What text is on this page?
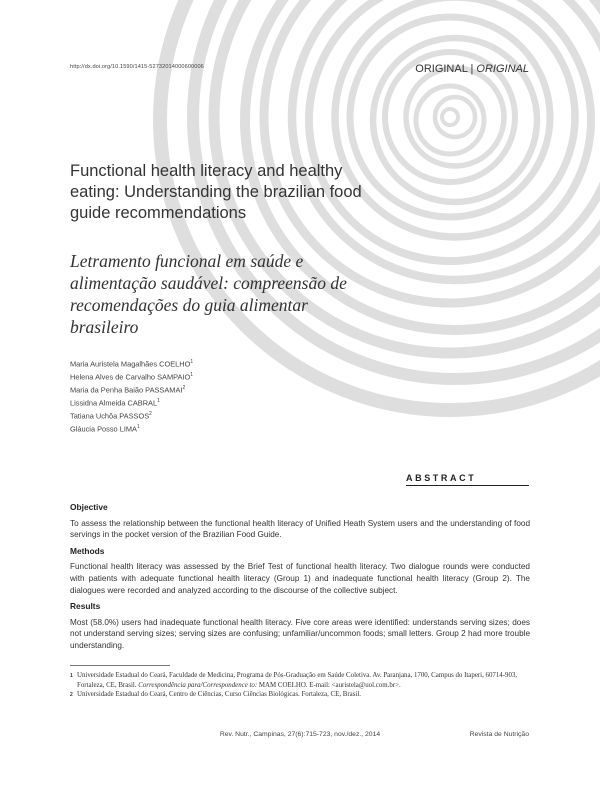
http://dx.doi.org/10.1590/1415-52732014000600006	ORIGINAL | ORIGINAL
Functional health literacy and healthy eating: Understanding the brazilian food guide recommendations
Letramento funcional em saúde e alimentação saudável: compreensão de recomendações do guia alimentar brasileiro
Maria Auristela Magalhães COELHO$^1$
Helena Alves de Carvalho SAMPAIO$^1$
Maria da Penha Baião PASSAMAI$^2$
Lissidna Almeida CABRAL$^1$
Tatiana Uchôa PASSOS$^2$
Gláucia Posso LIMA$^1$
ABSTRACT
Objective
To assess the relationship between the functional health literacy of Unified Heath System users and the understanding of food servings in the pocket version of the Brazilian Food Guide.
Methods
Functional health literacy was assessed by the Brief Test of functional health literacy. Two dialogue rounds were conducted with patients with adequate functional health literacy (Group 1) and inadequate functional health literacy (Group 2). The dialogues were recorded and analyzed according to the discourse of the collective subject.
Results
Most (58.0%) users had inadequate functional health literacy. Five core areas were identified: understands serving sizes; does not understand serving sizes; serving sizes are confusing; unfamiliar/uncommon foods; small letters. Group 2 had more trouble understanding.
1 Universidade Estadual do Ceará, Faculdade de Medicina, Programa de Pós-Graduação em Saúde Coletiva. Av. Paranjana, 1700, Campus do Itaperi, 60714-903, Fortaleza, CE, Brasil. Correspondência para/Correspondence to: MAM COELHO. E-mail: <auristela@uol.com.br>.
2 Universidade Estadual do Ceará, Centro de Ciências, Curso Ciências Biológicas. Fortaleza, CE, Brasil.
Rev. Nutr., Campinas, 27(6):715-723, nov./dez., 2014	Revista de Nutrição
